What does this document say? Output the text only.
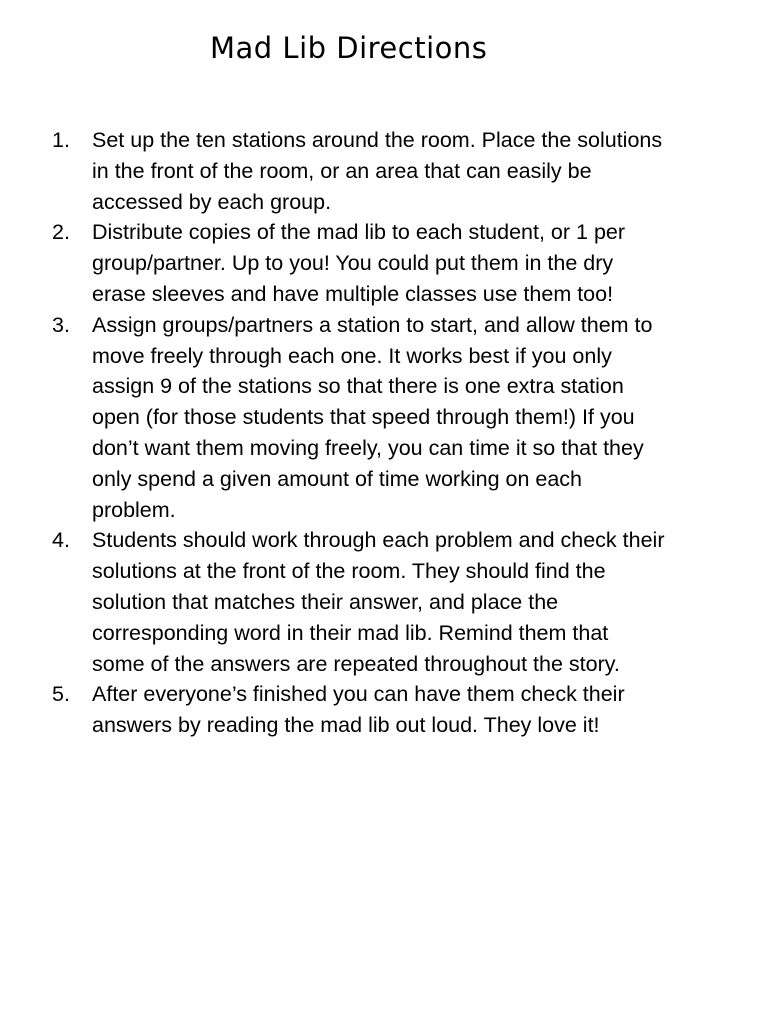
Mad Lib Directions
1.	Set up the ten stations around the room. Place the solutions
in the front of the room, or an area that can easily be
accessed by each group.
2.	Distribute copies of the mad lib to each student, or 1 per
group/partner. Up to you! You could put them in the dry
erase sleeves and have multiple classes use them too!
3.	Assign groups/partners a station to start, and allow them to
move freely through each one. It works best if you only
assign 9 of the stations so that there is one extra station
open (for those students that speed through them!) If you
don’t want them moving freely, you can time it so that they
only spend a given amount of time working on each
problem.
4.	Students should work through each problem and check their
solutions at the front of the room. They should find the
solution that matches their answer, and place the
corresponding word in their mad lib. Remind them that
some of the answers are repeated throughout the story.
5.	After everyone’s finished you can have them check their
answers by reading the mad lib out loud. They love it!
